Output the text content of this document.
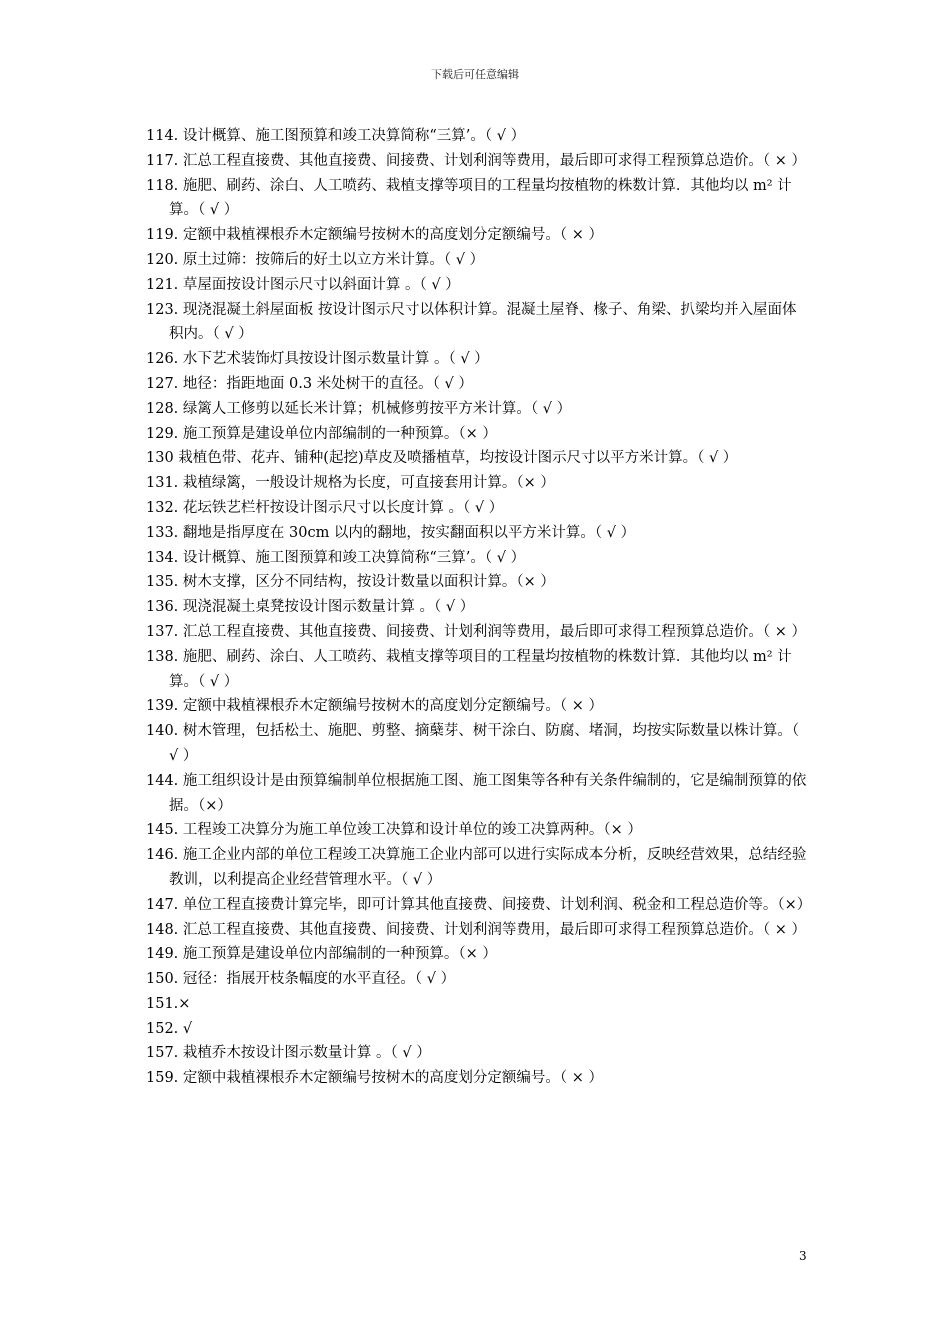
下载后可任意编辑
114. 设计概算、施工图预算和竣工决算简称“三算’。（ √ ）
117. 汇总工程直接费、其他直接费、间接费、计划利润等费用，最后即可求得工程预算总造价。（ × ）
118. 施肥、刷药、涂白、人工喷药、栽植支撑等项目的工程量均按植物的株数计算．其他均以 m² 计算。（ √ ）
119. 定额中栽植裸根乔木定额编号按树木的高度划分定额编号。（ × ）
120. 原土过筛：按筛后的好土以立方米计算。（ √ ）
121. 草屋面按设计图示尺寸以斜面计算 。（ √ ）
123. 现浇混凝土斜屋面板 按设计图示尺寸以体积计算。混凝土屋脊、椽子、角梁、扒梁均并入屋面体积内。（ √ ）
126. 水下艺术装饰灯具按设计图示数量计算 。（ √ ）
127. 地径：指距地面 0.3 米处树干的直径。（ √ ）
128. 绿篱人工修剪以延长米计算；机械修剪按平方米计算。（ √ ）
129. 施工预算是建设单位内部编制的一种预算。（× ）
130 栽植色带、花卉、铺种(起挖)草皮及喷播植草，均按设计图示尺寸以平方米计算。（ √ ）
131. 栽植绿篱，一般设计规格为长度，可直接套用计算。（× ）
132. 花坛铁艺栏杆按设计图示尺寸以长度计算 。（ √ ）
133. 翻地是指厚度在 30cm 以内的翻地，按实翻面积以平方米计算。（ √ ）
134. 设计概算、施工图预算和竣工决算简称“三算’。（ √ ）
135. 树木支撑，区分不同结构，按设计数量以面积计算。（× ）
136. 现浇混凝土桌凳按设计图示数量计算 。（ √ ）
137. 汇总工程直接费、其他直接费、间接费、计划利润等费用，最后即可求得工程预算总造价。（ × ）
138. 施肥、刷药、涂白、人工喷药、栽植支撑等项目的工程量均按植物的株数计算．其他均以 m² 计算。（ √ ）
139. 定额中栽植裸根乔木定额编号按树木的高度划分定额编号。（ × ）
140. 树木管理，包括松土、施肥、剪整、摘蘖芽、树干涂白、防腐、堵洞，均按实际数量以株计算。（ √ ）
144. 施工组织设计是由预算编制单位根据施工图、施工图集等各种有关条件编制的，它是编制预算的依据。（×）
145. 工程竣工决算分为施工单位竣工决算和设计单位的竣工决算两种。（× ）
146. 施工企业内部的单位工程竣工决算施工企业内部可以进行实际成本分析，反映经营效果，总结经验教训，以利提高企业经营管理水平。（ √ ）
147. 单位工程直接费计算完毕，即可计算其他直接费、间接费、计划利润、税金和工程总造价等。（×）
148. 汇总工程直接费、其他直接费、间接费、计划利润等费用，最后即可求得工程预算总造价。（ × ）
149. 施工预算是建设单位内部编制的一种预算。（× ）
150. 冠径：指展开枝条幅度的水平直径。（ √ ）
151.×
152. √
157. 栽植乔木按设计图示数量计算 。（ √ ）
159. 定额中栽植裸根乔木定额编号按树木的高度划分定额编号。（ × ）
3
